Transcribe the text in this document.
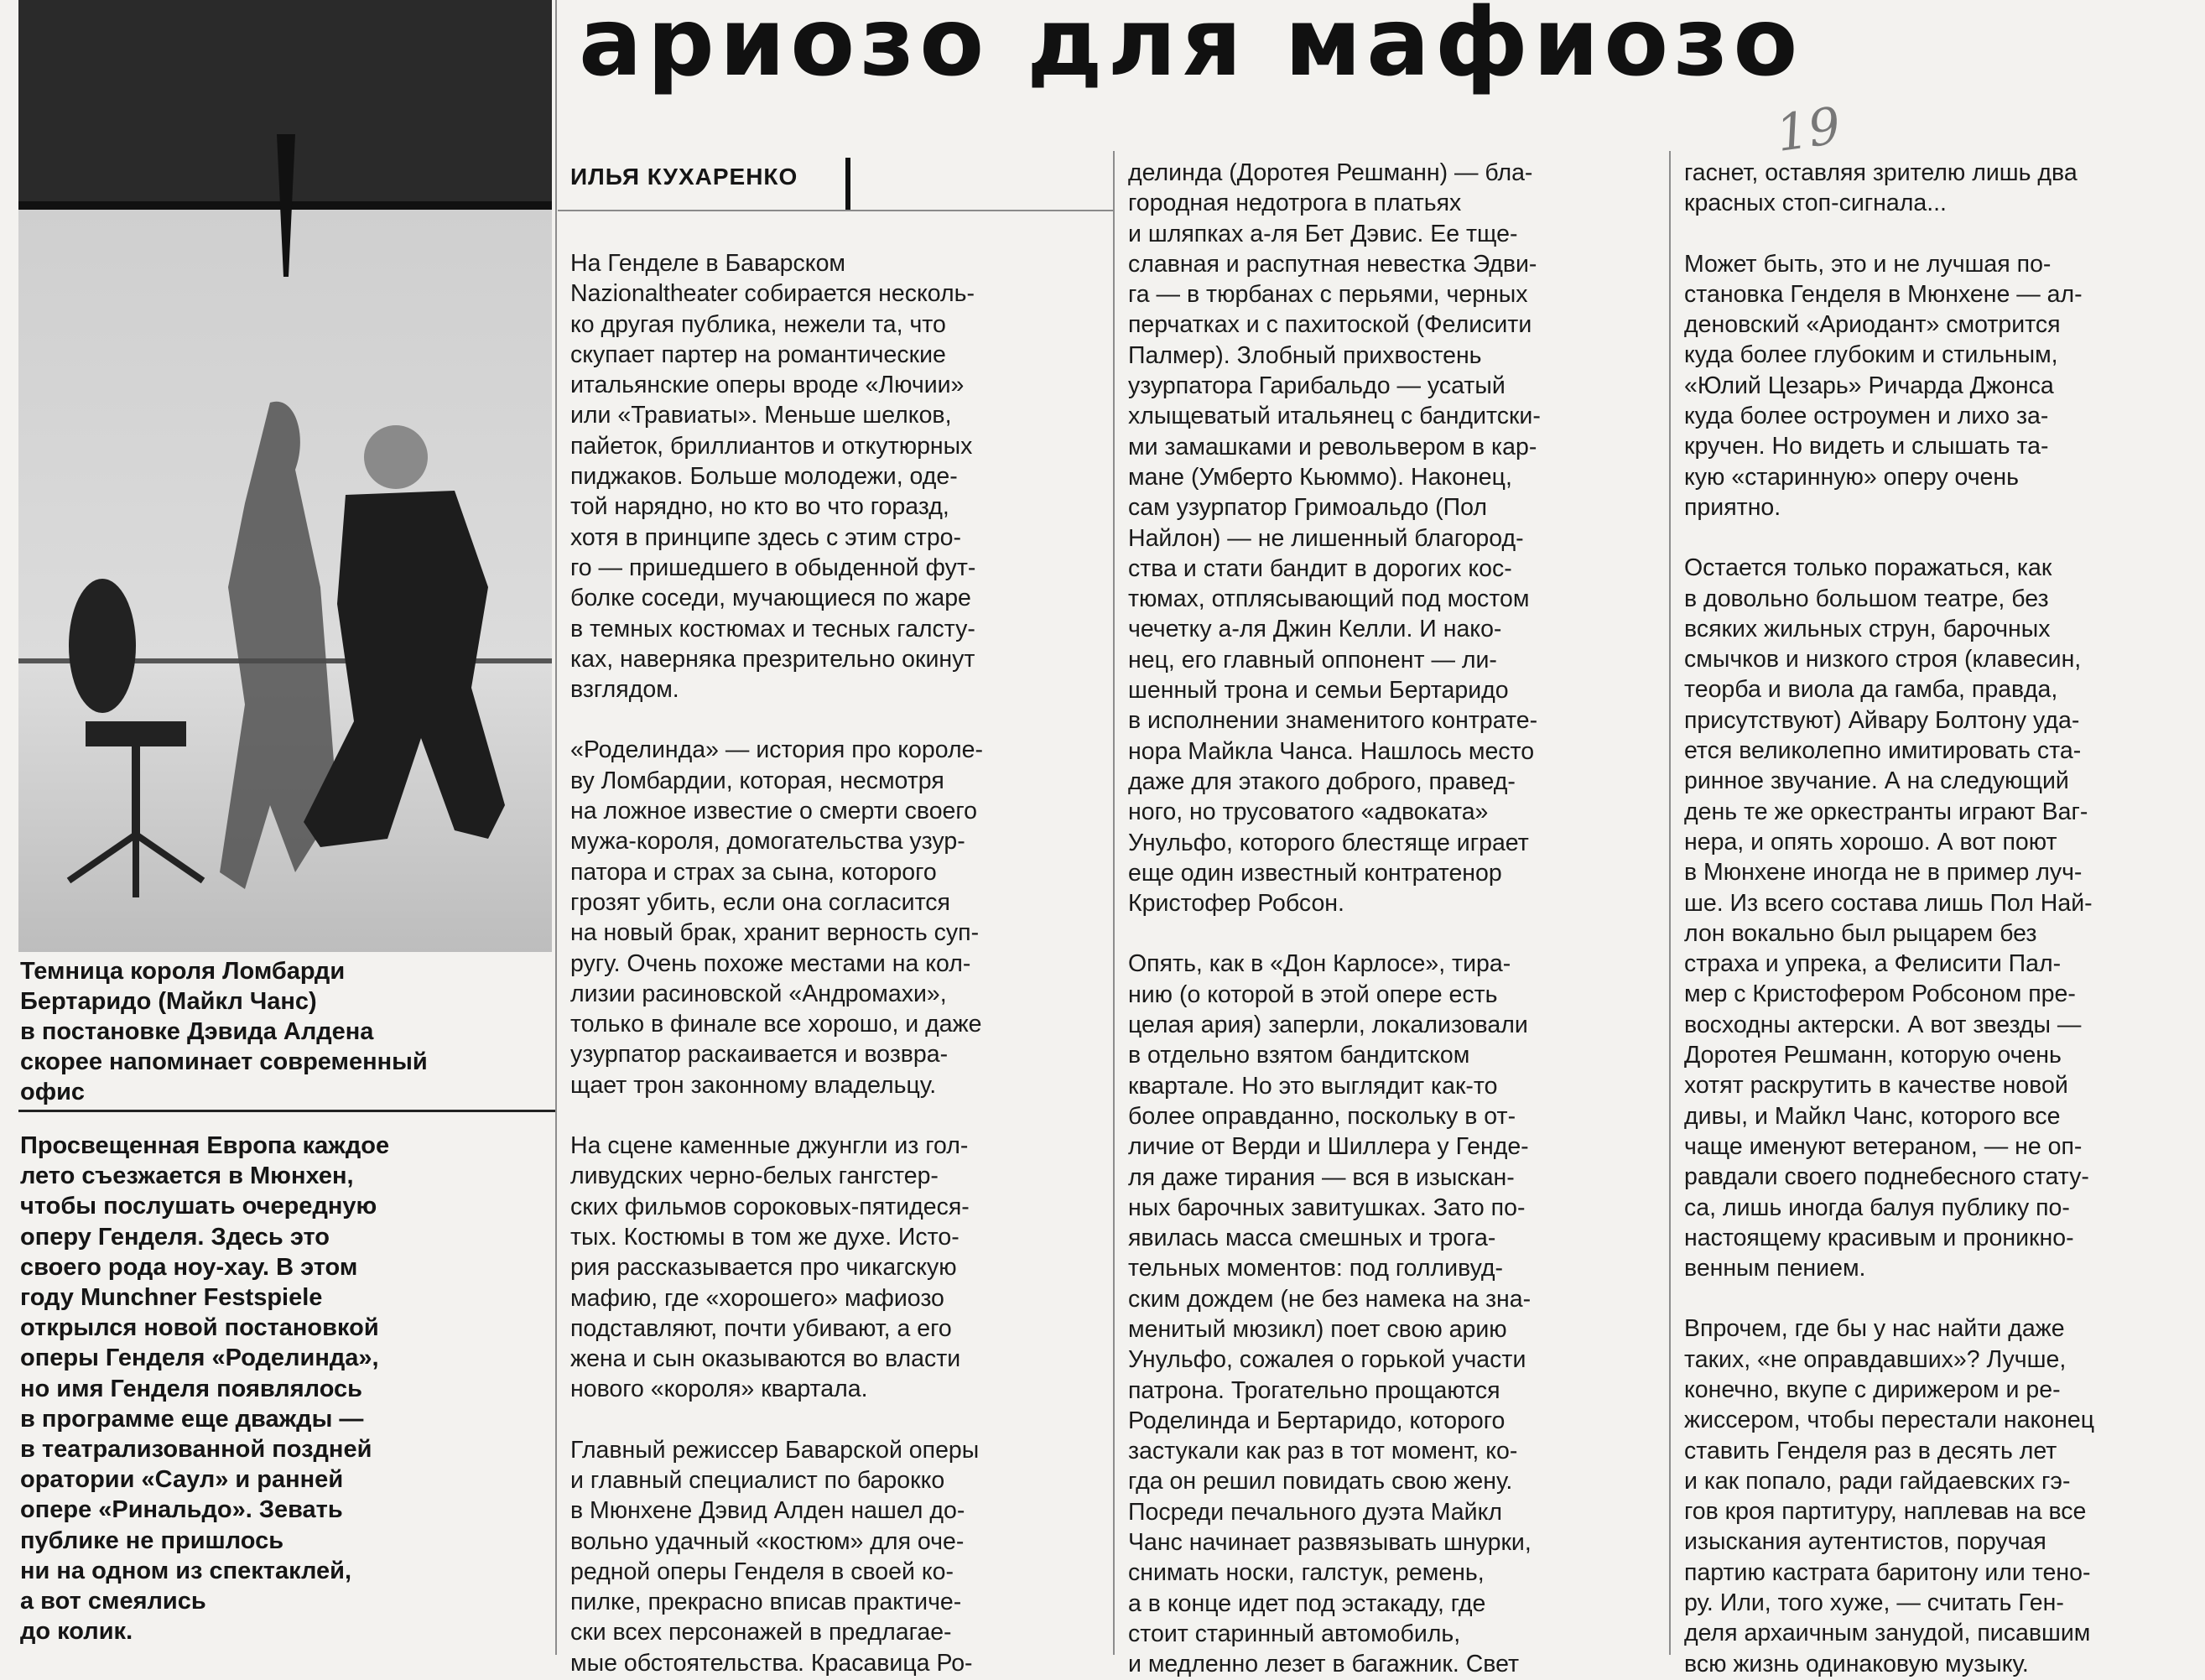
Темница короля Ломбарди
Бертаридо (Майкл Чанс)
в постановке Дэвида Алдена
скорее напоминает современный
офис
Просвещенная Европа каждое
лето съезжается в Мюнхен,
чтобы послушать очередную
оперу Генделя. Здесь это
своего рода ноу-хау. В этом
году Munchner Festspiele
открылся новой постановкой
оперы Генделя «Роделинда»,
но имя Генделя появлялось
в программе еще дважды —
в театрализованной поздней
оратории «Саул» и ранней
опере «Ринальдо». Зевать
публике не пришлось
ни на одном из спектаклей,
а вот смеялись
до колик.
ариозо для мафиозо
19
ИЛЬЯ КУХАРЕНКО
На Генделе в Баварском
Nazionaltheater собирается несколь-
ко другая публика, нежели та, что
скупает партер на романтические
итальянские оперы вроде «Лючии»
или «Травиаты». Меньше шелков,
пайеток, бриллиантов и откутюрных
пиджаков. Больше молодежи, оде-
той нарядно, но кто во что горазд,
хотя в принципе здесь с этим стро-
го — пришедшего в обыденной фут-
болке соседи, мучающиеся по жаре
в темных костюмах и тесных галсту-
ках, наверняка презрительно окинут
взглядом.
«Роделинда» — история про короле-
ву Ломбардии, которая, несмотря
на ложное известие о смерти своего
мужа-короля, домогательства узур-
патора и страх за сына, которого
грозят убить, если она согласится
на новый брак, хранит верность суп-
ругу. Очень похоже местами на кол-
лизии расиновской «Андромахи»,
только в финале все хорошо, и даже
узурпатор раскаивается и возвра-
щает трон законному владельцу.
На сцене каменные джунгли из гол-
ливудских черно-белых гангстер-
ских фильмов сороковых-пятидеся-
тых. Костюмы в том же духе. Исто-
рия рассказывается про чикагскую
мафию, где «хорошего» мафиозо
подставляют, почти убивают, а его
жена и сын оказываются во власти
нового «короля» квартала.
Главный режиссер Баварской оперы
и главный специалист по барокко
в Мюнхене Дэвид Алден нашел до-
вольно удачный «костюм» для оче-
редной оперы Генделя в своей ко-
пилке, прекрасно вписав практиче-
ски всех персонажей в предлагае-
мые обстоятельства. Красавица Ро-
делинда (Доротея Решманн) — бла-
городная недотрога в платьях
и шляпках а-ля Бет Дэвис. Ее тще-
славная и распутная невестка Эдви-
га — в тюрбанах с перьями, черных
перчатках и с пахитоской (Фелисити
Палмер). Злобный прихвостень
узурпатора Гарибальдо — усатый
хлыщеватый итальянец с бандитски-
ми замашками и револьвером в кар-
мане (Умберто Кьюммо). Наконец,
сам узурпатор Гримоальдо (Пол
Найлон) — не лишенный благород-
ства и стати бандит в дорогих кос-
тюмах, отплясывающий под мостом
чечетку а-ля Джин Келли. И нако-
нец, его главный оппонент — ли-
шенный трона и семьи Бертаридо
в исполнении знаменитого контрате-
нора Майкла Чанса. Нашлось место
даже для этакого доброго, правед-
ного, но трусоватого «адвоката»
Унульфо, которого блестяще играет
еще один известный контратенор
Кристофер Робсон.
Опять, как в «Дон Карлосе», тира-
нию (о которой в этой опере есть
целая ария) заперли, локализовали
в отдельно взятом бандитском
квартале. Но это выглядит как-то
более оправданно, поскольку в от-
личие от Верди и Шиллера у Генде-
ля даже тирания — вся в изыскан-
ных барочных завитушках. Зато по-
явилась масса смешных и трога-
тельных моментов: под голливуд-
ским дождем (не без намека на зна-
менитый мюзикл) поет свою арию
Унульфо, сожалея о горькой участи
патрона. Трогательно прощаются
Роделинда и Бертаридо, которого
застукали как раз в тот момент, ко-
гда он решил повидать свою жену.
Посреди печального дуэта Майкл
Чанс начинает развязывать шнурки,
снимать носки, галстук, ремень,
а в конце идет под эстакаду, где
стоит старинный автомобиль,
и медленно лезет в багажник. Свет
гаснет, оставляя зрителю лишь два
красных стоп-сигнала...
Может быть, это и не лучшая по-
становка Генделя в Мюнхене — ал-
деновский «Ариодант» смотрится
куда более глубоким и стильным,
«Юлий Цезарь» Ричарда Джонса
куда более остроумен и лихо за-
кручен. Но видеть и слышать та-
кую «старинную» оперу очень
приятно.
Остается только поражаться, как
в довольно большом театре, без
всяких жильных струн, барочных
смычков и низкого строя (клавесин,
теорба и виола да гамба, правда,
присутствуют) Айвару Болтону уда-
ется великолепно имитировать ста-
ринное звучание. А на следующий
день те же оркестранты играют Ваг-
нера, и опять хорошо. А вот поют
в Мюнхене иногда не в пример луч-
ше. Из всего состава лишь Пол Най-
лон вокально был рыцарем без
страха и упрека, а Фелисити Пал-
мер с Кристофером Робсоном пре-
восходны актерски. А вот звезды —
Доротея Решманн, которую очень
хотят раскрутить в качестве новой
дивы, и Майкл Чанс, которого все
чаще именуют ветераном, — не оп-
равдали своего поднебесного стату-
са, лишь иногда балуя публику по-
настоящему красивым и проникно-
венным пением.
Впрочем, где бы у нас найти даже
таких, «не оправдавших»? Лучше,
конечно, вкупе с дирижером и ре-
жиссером, чтобы перестали наконец
ставить Генделя раз в десять лет
и как попало, ради гайдаевских гэ-
гов кроя партитуру, наплевав на все
изыскания аутентистов, поручая
партию кастрата баритону или тено-
ру. Или, того хуже, — считать Ген-
деля архаичным занудой, писавшим
всю жизнь одинаковую музыку.
